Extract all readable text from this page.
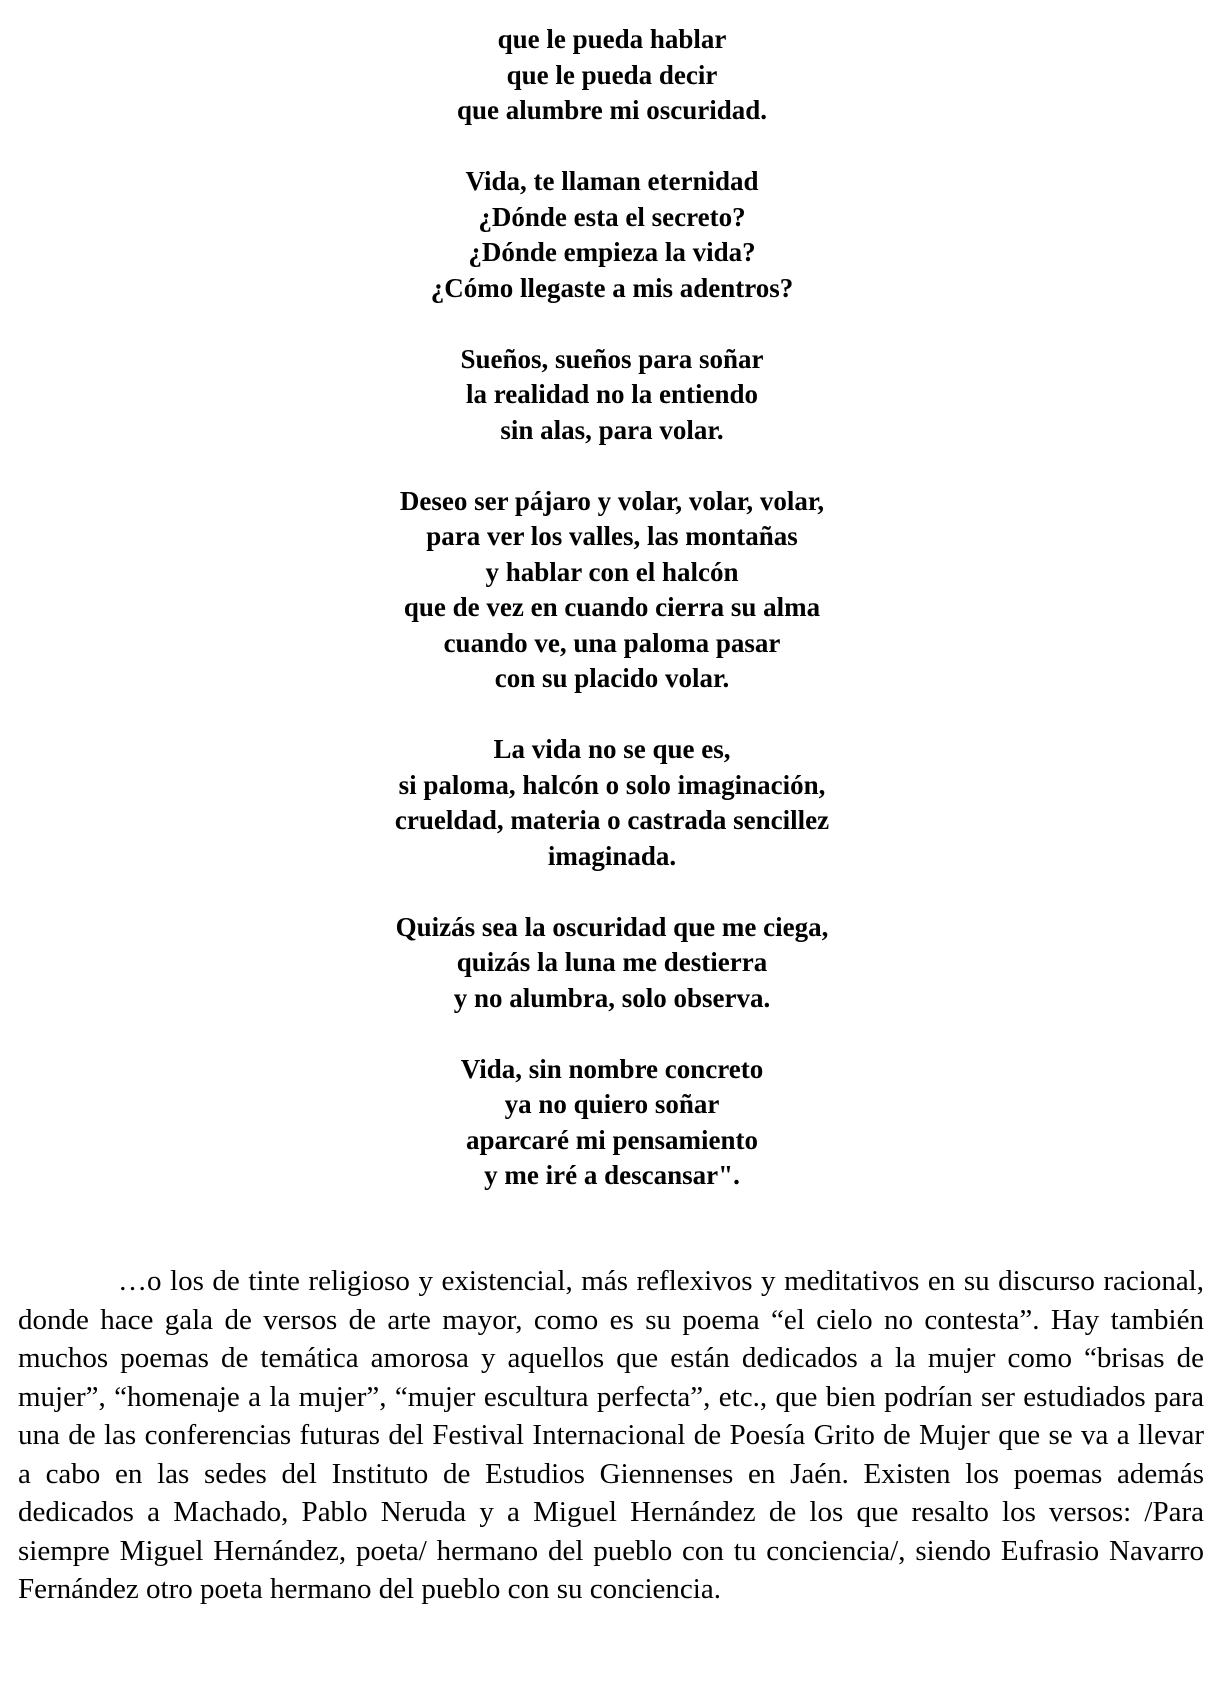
que le pueda hablar
que le pueda decir
que alumbre mi oscuridad.
Vida, te llaman eternidad
¿Dónde esta el secreto?
¿Dónde empieza la vida?
¿Cómo llegaste a mis adentros?
Sueños, sueños para soñar
la realidad no la entiendo
sin alas, para volar.
Deseo ser pájaro y volar, volar, volar,
para ver los valles, las montañas
y hablar con el halcón
que de vez en cuando cierra su alma
cuando ve, una paloma pasar
con su placido volar.
La vida no se que es,
si paloma, halcón o solo imaginación,
crueldad, materia o castrada sencillez
imaginada.
Quizás sea la oscuridad que me ciega,
quizás la luna me destierra
y no alumbra, solo observa.
Vida, sin nombre concreto
ya no quiero soñar
aparcaré mi pensamiento
y me iré a descansar".

…o los de tinte religioso y existencial, más reflexivos y meditativos en su discurso racional, donde hace gala de versos de arte mayor, como es su poema “el cielo no contesta”. Hay también muchos poemas de temática amorosa y aquellos que están dedicados a la mujer como “brisas de mujer”, “homenaje a la mujer”, “mujer escultura perfecta”, etc., que bien podrían ser estudiados para una de las conferencias futuras del Festival Internacional de Poesía Grito de Mujer que se va a llevar a cabo en las sedes del Instituto de Estudios Giennenses en Jaén. Existen los poemas además dedicados a Machado, Pablo Neruda y a Miguel Hernández de los que resalto los versos: /Para siempre Miguel Hernández, poeta/ hermano del pueblo con tu conciencia/, siendo Eufrasio Navarro Fernández otro poeta hermano del pueblo con su conciencia.
